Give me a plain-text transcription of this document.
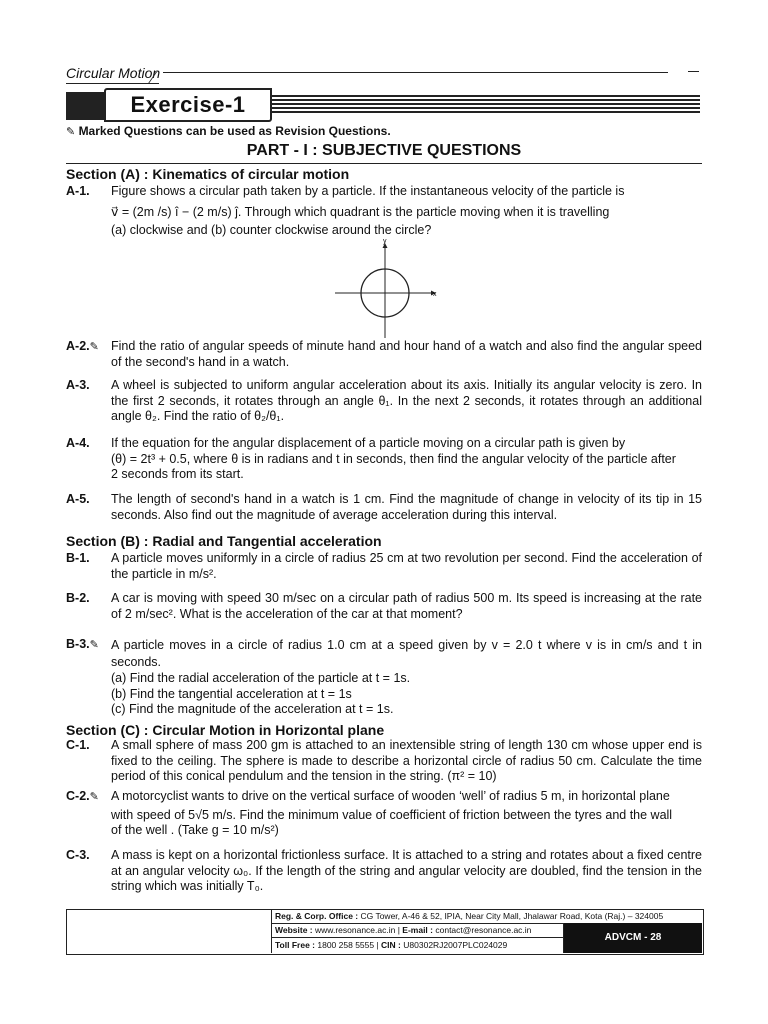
Circular Motion
Exercise-1
✎ Marked Questions can be used as Revision Questions.
PART - I : SUBJECTIVE QUESTIONS
Section (A) : Kinematics of circular motion
A-1. Figure shows a circular path taken by a particle. If the instantaneous velocity of the particle is
v⃗ = (2m /s) î − (2 m/s) ĵ. Through which quadrant is the particle moving when it is travelling
(a) clockwise and (b) counter clockwise around the circle?
x
y
A-2.✎ Find the ratio of angular speeds of minute hand and hour hand of a watch and also find the angular speed of the second's hand in a watch.
A-3. A wheel is subjected to uniform angular acceleration about its axis. Initially its angular velocity is zero. In the first 2 seconds, it rotates through an angle θ₁. In the next 2 seconds, it rotates through an additional angle θ₂. Find the ratio of θ₂/θ₁.
A-4. If the equation for the angular displacement of a particle moving on a circular path is given by
(θ) = 2t³ + 0.5, where θ is in radians and t in seconds, then find the angular velocity of the particle after
2 seconds from its start.
A-5. The length of second's hand in a watch is 1 cm. Find the magnitude of change in velocity of its tip in 15 seconds. Also find out the magnitude of average acceleration during this interval.
Section (B) : Radial and Tangential acceleration
B-1. A particle moves uniformly in a circle of radius 25 cm at two revolution per second. Find the acceleration of the particle in m/s².
B-2. A car is moving with speed 30 m/sec on a circular path of radius 500 m. Its speed is increasing at the rate of 2 m/sec². What is the acceleration of the car at that moment?
B-3.✎ A particle moves in a circle of radius 1.0 cm at a speed given by v = 2.0 t where v is in cm/s and t in seconds.
(a) Find the radial acceleration of the particle at t = 1s.
(b) Find the tangential acceleration at t = 1s
(c) Find the magnitude of the acceleration at t = 1s.
Section (C) : Circular Motion in Horizontal plane
C-1. A small sphere of mass 200 gm is attached to an inextensible string of length 130 cm whose upper end is fixed to the ceiling. The sphere is made to describe a horizontal circle of radius 50 cm. Calculate the time period of this conical pendulum and the tension in the string. (π² = 10)
C-2.✎ A motorcyclist wants to drive on the vertical surface of wooden ‘well’ of radius 5 m, in horizontal plane
with speed of 5√5 m/s. Find the minimum value of coefficient of friction between the tyres and the wall
of the well . (Take g = 10 m/s²)
C-3. A mass is kept on a horizontal frictionless surface. It is attached to a string and rotates about a fixed centre at an angular velocity ω₀. If the length of the string and angular velocity are doubled, find the tension in the string which was initially T₀.
Reg. & Corp. Office : CG Tower, A-46 & 52, IPIA, Near City Mall, Jhalawar Road, Kota (Raj.) – 324005
Website : www.resonance.ac.in | E-mail : contact@resonance.ac.in
Toll Free : 1800 258 5555 | CIN : U80302RJ2007PLC024029
ADVCM - 28
